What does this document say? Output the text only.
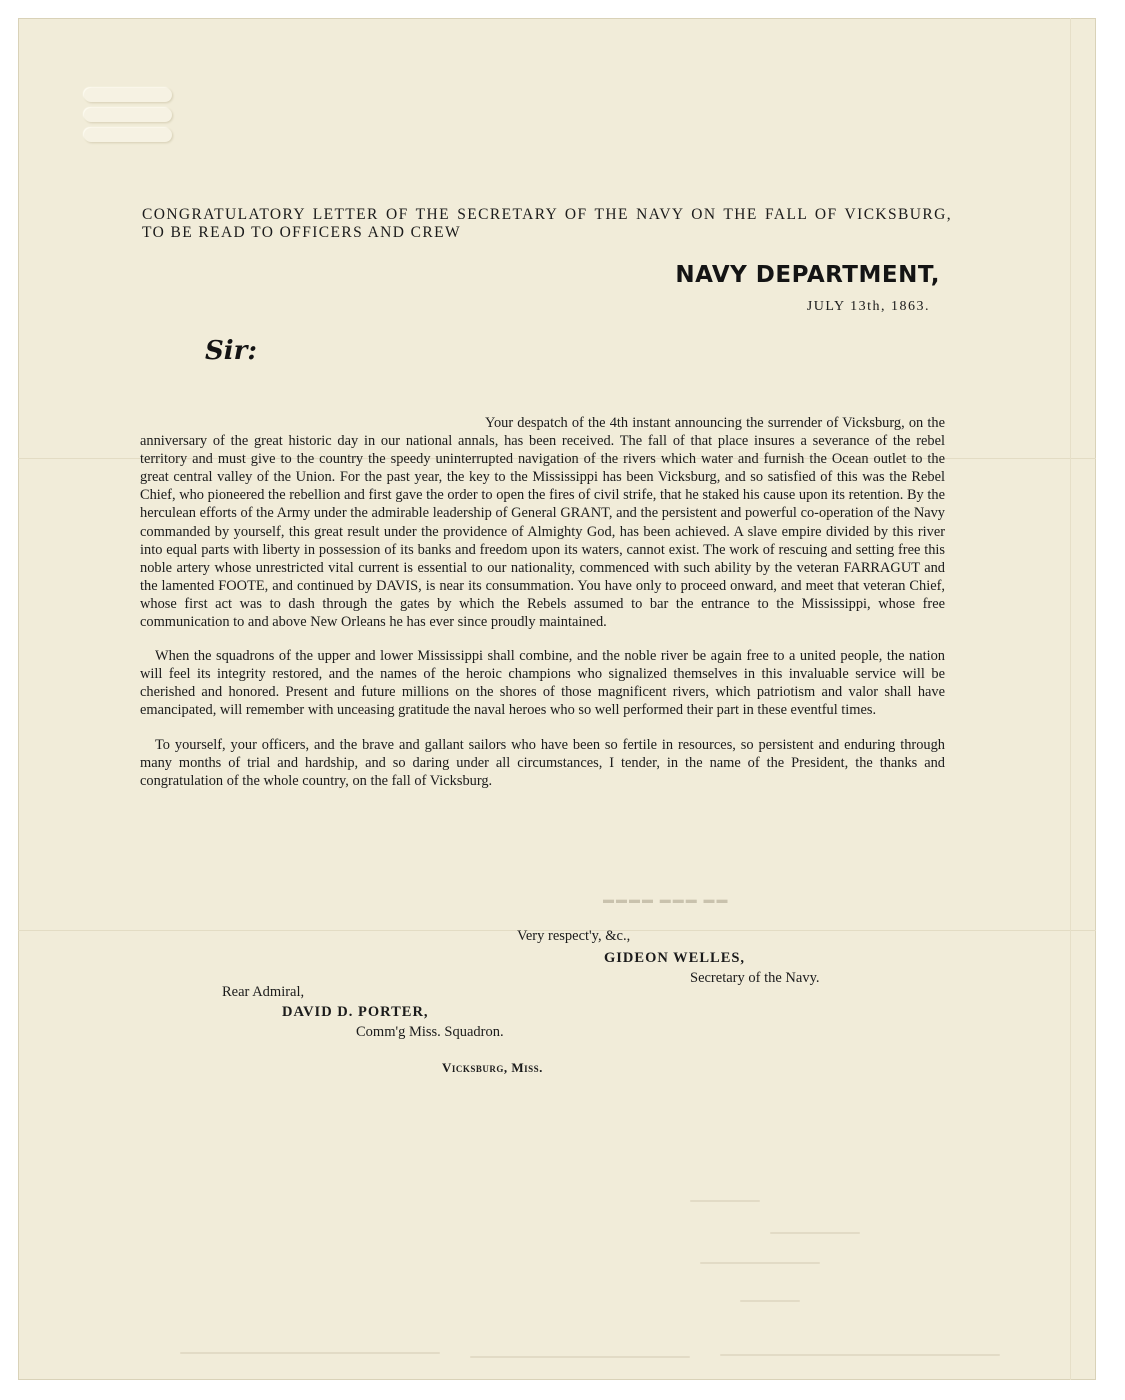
CONGRATULATORY LETTER OF THE SECRETARY OF THE NAVY ON THE FALL OF VICKSBURG, TO BE READ TO OFFICERS AND CREW
NAVY DEPARTMENT,
JULY 13th, 1863.
Sir:

Your despatch of the 4th instant announcing the surrender of Vicksburg, on the anniversary of the great historic day in our national annals, has been received. The fall of that place insures a severance of the rebel territory and must give to the country the speedy uninterrupted navigation of the rivers which water and furnish the Ocean outlet to the great central valley of the Union. For the past year, the key to the Mississippi has been Vicksburg, and so satisfied of this was the Rebel Chief, who pioneered the rebellion and first gave the order to open the fires of civil strife, that he staked his cause upon its retention. By the herculean efforts of the Army under the admirable leadership of General GRANT, and the persistent and powerful co-operation of the Navy commanded by yourself, this great result under the providence of Almighty God, has been achieved. A slave empire divided by this river into equal parts with liberty in possession of its banks and freedom upon its waters, cannot exist. The work of rescuing and setting free this noble artery whose unrestricted vital current is essential to our nationality, commenced with such ability by the veteran FARRAGUT and the lamented FOOTE, and continued by DAVIS, is near its consummation. You have only to proceed onward, and meet that veteran Chief, whose first act was to dash through the gates by which the Rebels assumed to bar the entrance to the Mississippi, whose free communication to and above New Orleans he has ever since proudly maintained.

When the squadrons of the upper and lower Mississippi shall combine, and the noble river be again free to a united people, the nation will feel its integrity restored, and the names of the heroic champions who signalized themselves in this invaluable service will be cherished and honored. Present and future millions on the shores of those magnificent rivers, which patriotism and valor shall have emancipated, will remember with unceasing gratitude the naval heroes who so well performed their part in these eventful times.

To yourself, your officers, and the brave and gallant sailors who have been so fertile in resources, so persistent and enduring through many months of trial and hardship, and so daring under all circumstances, I tender, in the name of the President, the thanks and congratulation of the whole country, on the fall of Vicksburg.

▬▬▬▬ ▬▬▬ ▬▬
Very respect'y, &c.,
GIDEON WELLES,
Secretary of the Navy.
Rear Admiral,
DAVID D. PORTER,
Comm'g Miss. Squadron.
Vicksburg, Miss.
